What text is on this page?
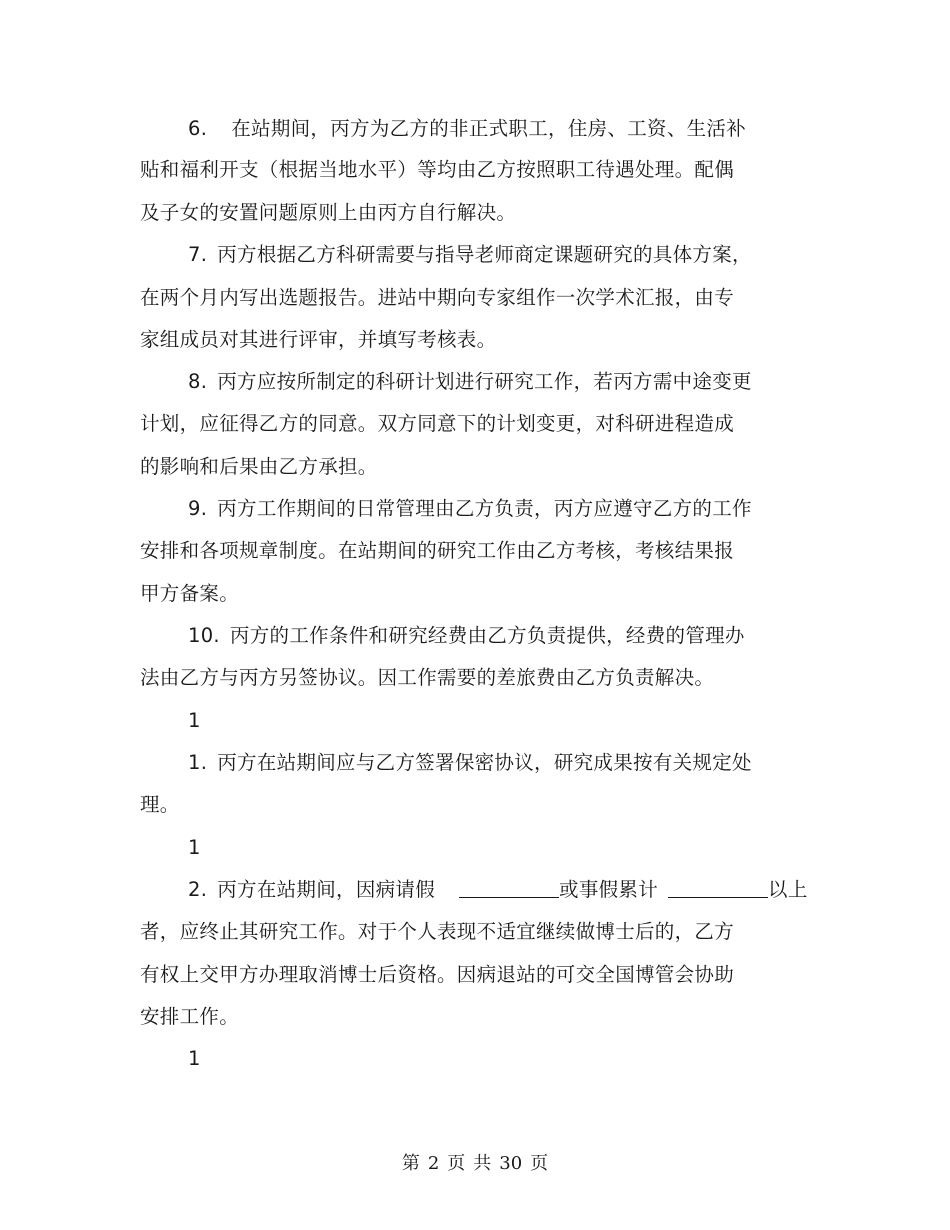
6. 在站期间，丙方为乙方的非正式职工，住房、工资、生活补
贴和福利开支（根据当地水平）等均由乙方按照职工待遇处理。配偶
及子女的安置问题原则上由丙方自行解决。
7. 丙方根据乙方科研需要与指导老师商定课题研究的具体方案，
在两个月内写出选题报告。进站中期向专家组作一次学术汇报，由专
家组成员对其进行评审，并填写考核表。
8. 丙方应按所制定的科研计划进行研究工作，若丙方需中途变更
计划，应征得乙方的同意。双方同意下的计划变更，对科研进程造成
的影响和后果由乙方承担。
9. 丙方工作期间的日常管理由乙方负责，丙方应遵守乙方的工作
安排和各项规章制度。在站期间的研究工作由乙方考核，考核结果报
甲方备案。
10. 丙方的工作条件和研究经费由乙方负责提供，经费的管理办
法由乙方与丙方另签协议。因工作需要的差旅费由乙方负责解决。
1
1. 丙方在站期间应与乙方签署保密协议，研究成果按有关规定处
理。
1
2. 丙方在站期间，因病请假	或事假累计	以上
者，应终止其研究工作。对于个人表现不适宜继续做博士后的，乙方
有权上交甲方办理取消博士后资格。因病退站的可交全国博管会协助
安排工作。
1
第 2 页 共 30 页
